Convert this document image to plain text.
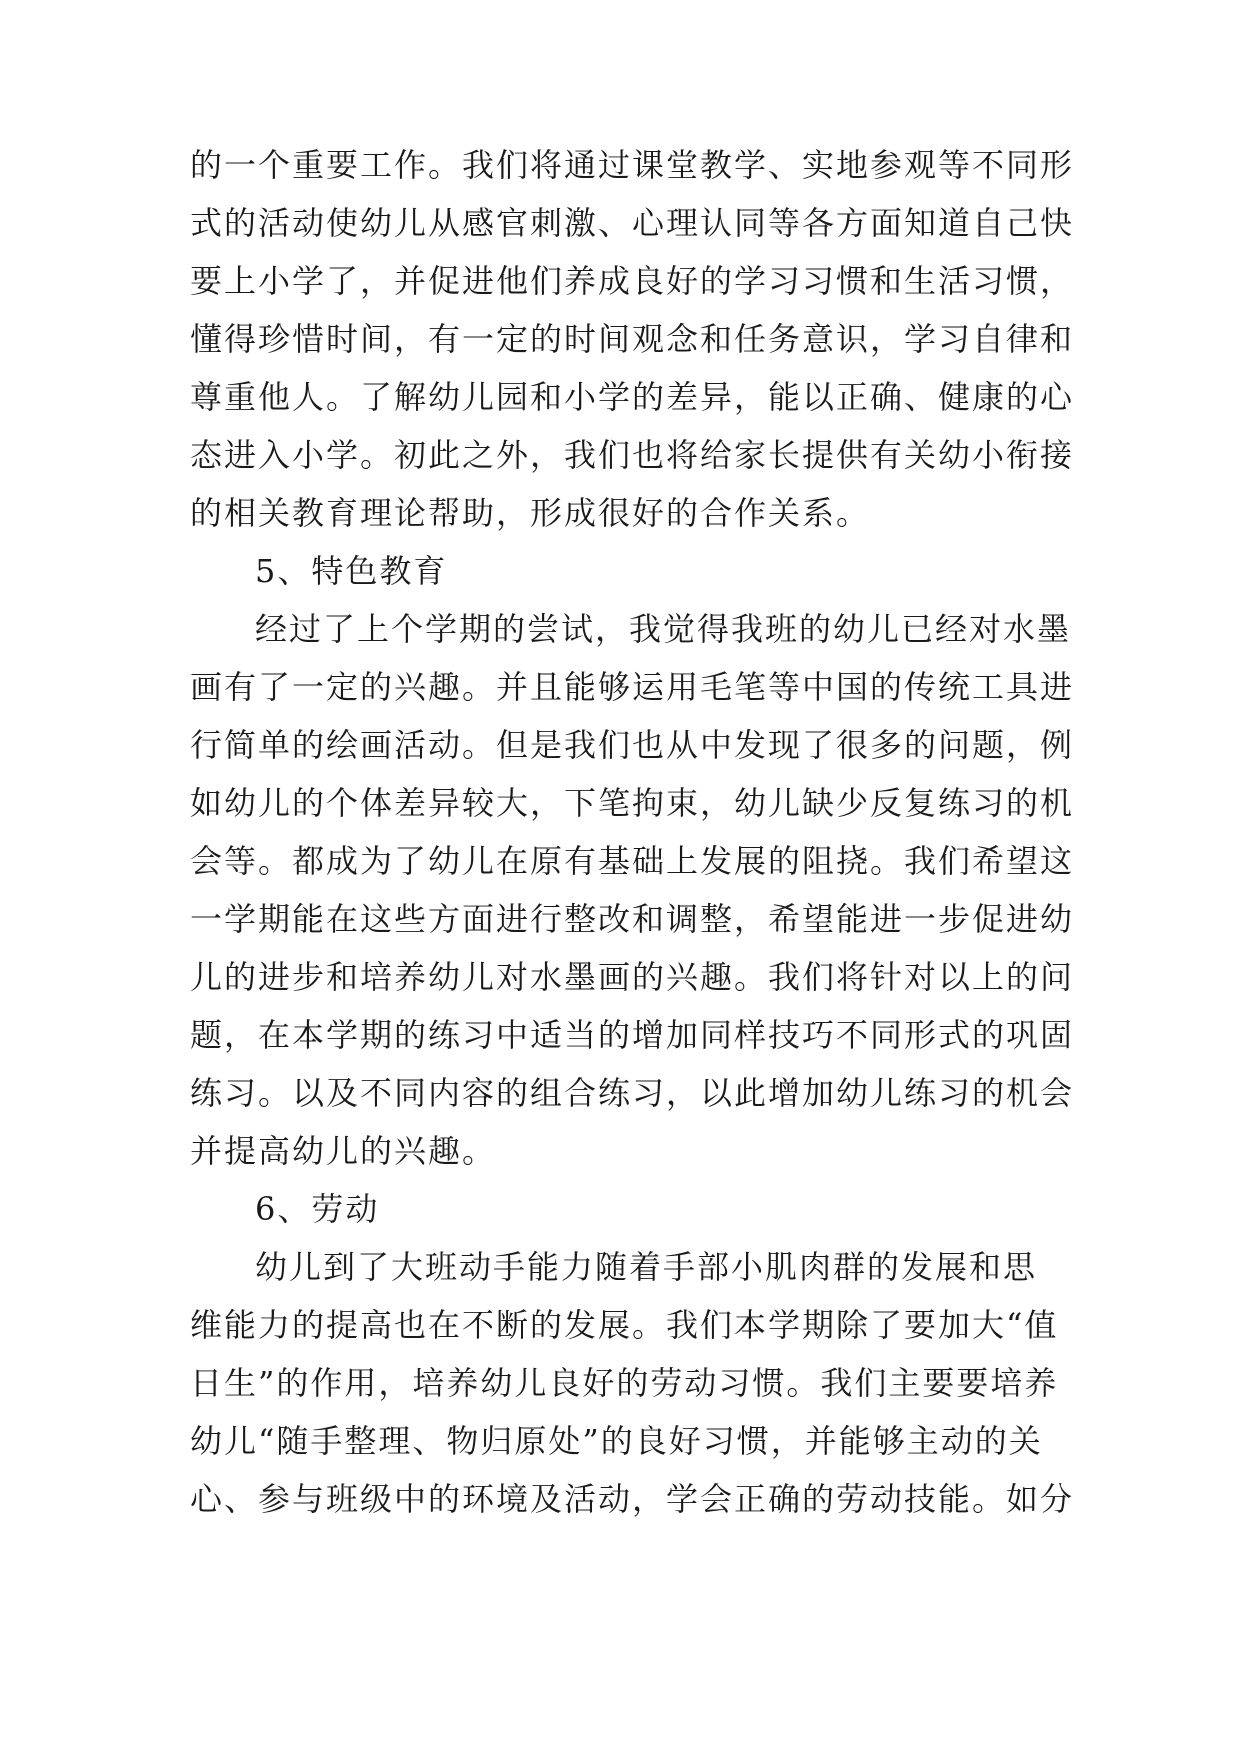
的一个重要工作。我们将通过课堂教学、实地参观等不同形
式的活动使幼儿从感官刺激、心理认同等各方面知道自己快
要上小学了，并促进他们养成良好的学习习惯和生活习惯，
懂得珍惜时间，有一定的时间观念和任务意识，学习自律和
尊重他人。了解幼儿园和小学的差异，能以正确、健康的心
态进入小学。初此之外，我们也将给家长提供有关幼小衔接
的相关教育理论帮助，形成很好的合作关系。
5、特色教育
经过了上个学期的尝试，我觉得我班的幼儿已经对水墨
画有了一定的兴趣。并且能够运用毛笔等中国的传统工具进
行简单的绘画活动。但是我们也从中发现了很多的问题，例
如幼儿的个体差异较大，下笔拘束，幼儿缺少反复练习的机
会等。都成为了幼儿在原有基础上发展的阻挠。我们希望这
一学期能在这些方面进行整改和调整，希望能进一步促进幼
儿的进步和培养幼儿对水墨画的兴趣。我们将针对以上的问
题，在本学期的练习中适当的增加同样技巧不同形式的巩固
练习。以及不同内容的组合练习，以此增加幼儿练习的机会
并提高幼儿的兴趣。
6、劳动
幼儿到了大班动手能力随着手部小肌肉群的发展和思
维能力的提高也在不断的发展。我们本学期除了要加大“值
日生”的作用，培养幼儿良好的劳动习惯。我们主要要培养
幼儿“随手整理、物归原处”的良好习惯，并能够主动的关
心、参与班级中的环境及活动，学会正确的劳动技能。如分
